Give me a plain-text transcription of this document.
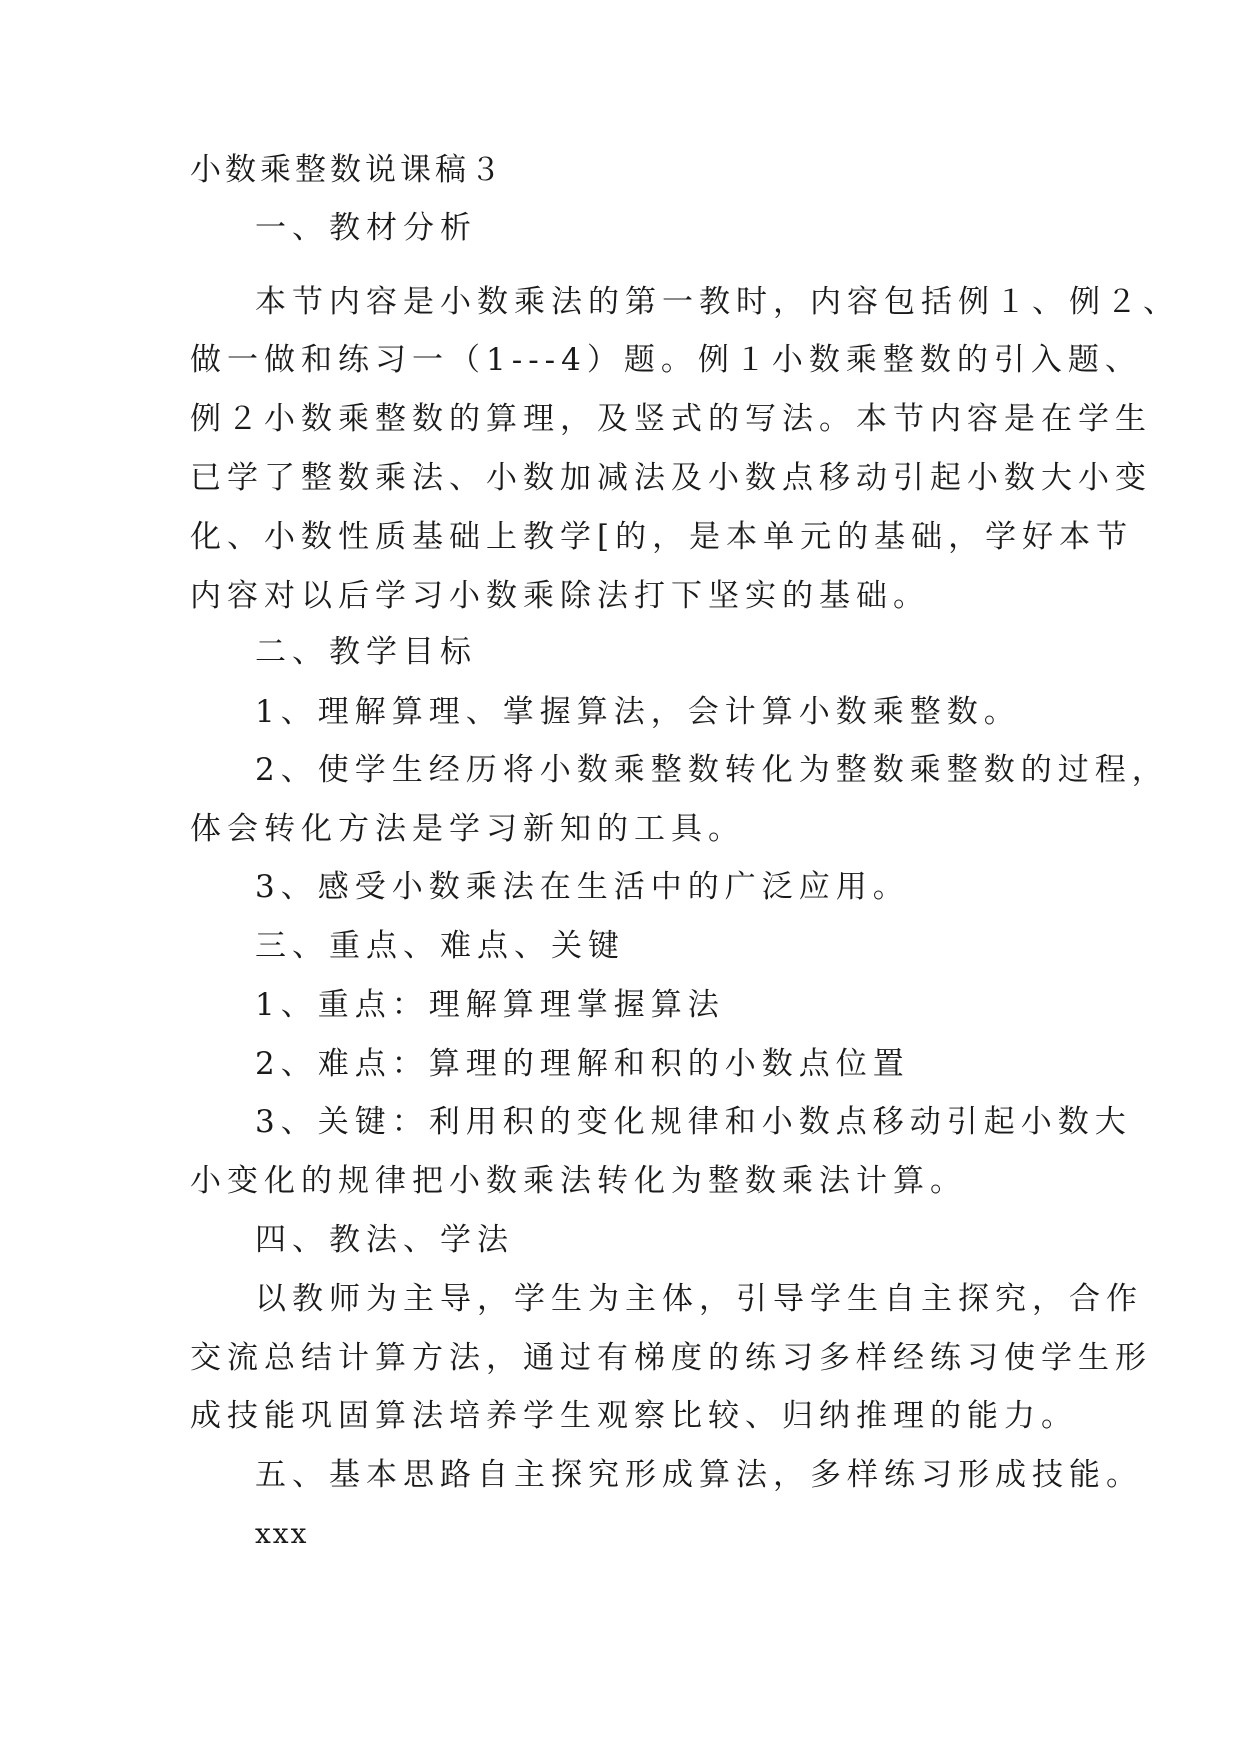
小数乘整数说课稿３
一、教材分析
本节内容是小数乘法的第一教时，内容包括例１、例２、
做一做和练习一（1---4）题。例１小数乘整数的引入题、
例２小数乘整数的算理，及竖式的写法。本节内容是在学生
已学了整数乘法、小数加减法及小数点移动引起小数大小变
化、小数性质基础上教学[的，是本单元的基础，学好本节
内容对以后学习小数乘除法打下坚实的基础。
二、教学目标
1、理解算理、掌握算法，会计算小数乘整数。
2、使学生经历将小数乘整数转化为整数乘整数的过程，
体会转化方法是学习新知的工具。
3、感受小数乘法在生活中的广泛应用。
三、重点、难点、关键
1、重点：理解算理掌握算法
2、难点：算理的理解和积的小数点位置
3、关键：利用积的变化规律和小数点移动引起小数大
小变化的规律把小数乘法转化为整数乘法计算。
四、教法、学法
以教师为主导，学生为主体，引导学生自主探究，合作
交流总结计算方法，通过有梯度的练习多样经练习使学生形
成技能巩固算法培养学生观察比较、归纳推理的能力。
五、基本思路自主探究形成算法，多样练习形成技能。
xxx
